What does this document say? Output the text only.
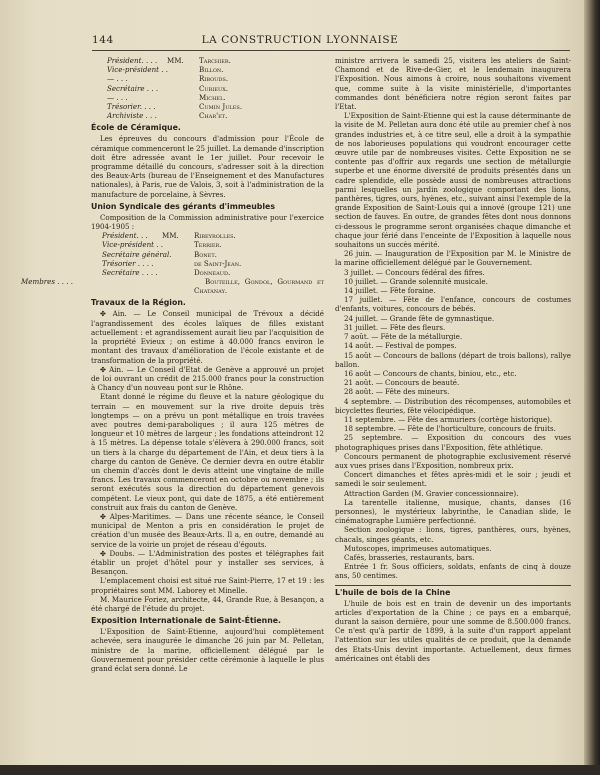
144	LA CONSTRUCTION LYONNAISE
Président. . . . MM. Tarchier.
Vice-président . .	Billon.
— . . .	Ribouds.
Secrétaire . . .	Curieux.
— . . .	Michel.
Trésorier. . . .	Cumin Jules.
Archiviste . . .	Char'et.
École de Céramique.

Les épreuves du concours d'admission pour l'École de céramique commenceront le 25 juillet. La demande d'inscription doit être adressée avant le 1er juillet. Pour recevoir le programme détaillé du concours, s'adresser soit à la direction des Beaux-Arts (bureau de l'Enseignement et des Manufactures nationales), à Paris, rue de Valois, 3, soit à l'administration de la manufacture de porcelaine, à Sèvres.

Union Syndicale des gérants d'immeubles

Composition de la Commission administrative pour l'exercice 1904-1905 :

Président. . . MM. Ribeyrolles.
Vice-président . .	Terrier.
Secrétaire général.	Bonet.
Trésorier . . . .	de Saint-Jean.
Secrétaire . . . .	Donneaud.
Membres . . . .	Bouteille, Gondol, Gourmand et Chatanay.
Travaux de la Région.

✤ Ain. — Le Conseil municipal de Trévoux a décidé l'agrandissement des écoles laïques de filles existant actuellement : et agrandissement aurait lieu par l'acquisition de la propriété Evieux ; on estime à 40.000 francs environ le montant des travaux d'amélioration de l'école existante et de transformation de la propriété.

✤ Ain. — Le Conseil d'Etat de Genève a approuvé un projet de loi ouvrant un crédit de 215.000 francs pour la construction à Chancy d'un nouveau pont sur le Rhône.

Etant donné le régime du fleuve et la nature géologique du terrain — en mouvement sur la rive droite depuis très longtemps — on a prévu un pont métallique en trois travées avec poutres demi-paraboliques ; il aura 125 mètres de longueur et 10 mètres de largeur ; les fondations atteindront 12 à 15 mètres. La dépense totale s'élèvera à 290.000 francs, soit un tiers à la charge du département de l'Ain, et deux tiers à la charge du canton de Genève. Ce dernier devra en outre établir un chemin d'accès dont le devis atteint une vingtaine de mille francs. Les travaux commenceront en octobre ou novembre ; ils seront exécutés sous la direction du département genevois compétent. Le vieux pont, qui date de 1875, a été entièrement construit aux frais du canton de Genève.

✤ Alpes-Maritimes. — Dans une récente séance, le Conseil municipal de Menton a pris en considération le projet de création d'un musée des Beaux-Arts. Il a, en outre, demandé au service de la voirie un projet de réseau d'égouts.

✤ Doubs. — L'Administration des postes et télégraphes fait établir un projet d'hôtel pour y installer ses services, à Besançon.

L'emplacement choisi est situé rue Saint-Pierre, 17 et 19 : les propriétaires sont MM. Laborey et Minelle.

M. Maurice Foriez, architecte, 44, Grande Rue, à Besançon, a été chargé de l'étude du projet.

Exposition Internationale de Saint-Étienne.

L'Exposition de Saint-Etienne, aujourd'hui complètement achevée, sera inaugurée le dimanche 26 juin par M. Pelletan, ministre de la marine, officiellement délégué par le Gouvernement pour présider cette cérémonie à laquelle le plus grand éclat sera donné. Le

ministre arrivera le samedi 25, visitera les ateliers de Saint-Chamond et de Rive-de-Gier, et le lendemain inaugurera l'Exposition. Nous aimons à croire, nous souhaitons vivement que, comme suite à la visite ministérielle, d'importantes commandes dont bénéficiera notre région seront faites par l'Etat.

L'Exposition de Saint-Etienne qui est la cause déterminante de la visite de M. Pelletan aura donc été utile au premier chef à nos grandes industries et, à ce titre seul, elle a droit à la sympathie de nos laborieuses populations qui voudront encourager cette œuvre utile par de nombreuses visites. Cette Exposition ne se contente pas d'offrir aux regards une section de métallurgie superbe et une énorme diversité de produits présentés dans un cadre splendide, elle possède aussi de nombreuses attractions parmi lesquelles un jardin zoologique comportant des lions, panthères, tigres, ours, hyènes, etc., suivant ainsi l'exemple de la grande Exposition de Saint-Louis qui a innové (groupe 121) une section de fauves. En outre, de grandes fêtes dont nous donnons ci-dessous le programme seront organisées chaque dimanche et chaque jour férié dans l'enceinte de l'Exposition à laquelle nous souhaitons un succès mérité.

26 juin. — Inauguration de l'Exposition par M. le Ministre de la marine officiellement délégué par le Gouvernement.

3 juillet. — Concours fédéral des fifres.

10 juillet. — Grande solennité musicale.

14 juillet. — Fête foraine.

17 juillet. — Fête de l'enfance, concours de costumes d'enfants, voitures, concours de bébés.

24 juillet. — Grande fête de gymnastique.

31 juillet. — Fête des fleurs.

7 août. — Fête de la métallurgie.

14 août. — Festival de pompes.

15 août — Concours de ballons (départ de trois ballons), rallye ballon.

16 août — Concours de chants, biniou, etc., etc.

21 août. — Concours de beauté.

28 août. — Fête des mineurs.

4 septembre. — Distribution des récompenses, automobiles et bicyclettes fleuries, fête vélocipédique.

11 septembre. — Fête des armuriers (cortège historique).

18 septembre. — Fête de l'horticulture, concours de fruits.

25 septembre. — Exposition du concours des vues photographiques prises dans l'Exposition, fête athlétique.

Concours permanent de photographie exclusivement réservé aux vues prises dans l'Exposition, nombreux prix.

Concert dimanches et fêtes après-midi et le soir ; jeudi et samedi le soir seulement.

Attraction Garden (M. Gravier concessionnaire).

La tarentelle italienne, musique, chants, danses (16 personnes), le mystérieux labyrinthe, le Canadian slide, le cinématographe Lumière perfectionné.

Section zoologique : lions, tigres, panthères, ours, hyènes, chacals, singes géants, etc.

Mutoscopes, imprimeuses automatiques.

Cafés, brasseries, restaurants, bars.

Entrée 1 fr. Sous officiers, soldats, enfants de cinq à douze ans, 50 centimes.

L'huile de bois de la Chine

L'huile de bois est en train de devenir un des importants articles d'exportation de la Chine ; ce pays en a embarqué, durant la saison dernière, pour une somme de 8.500.000 francs. Ce n'est qu'à partir de 1899, à la suite d'un rapport appelant l'attention sur les utiles qualités de ce produit, que la demande des Etats-Unis devint importante. Actuellement, deux firmes américaines ont établi des
